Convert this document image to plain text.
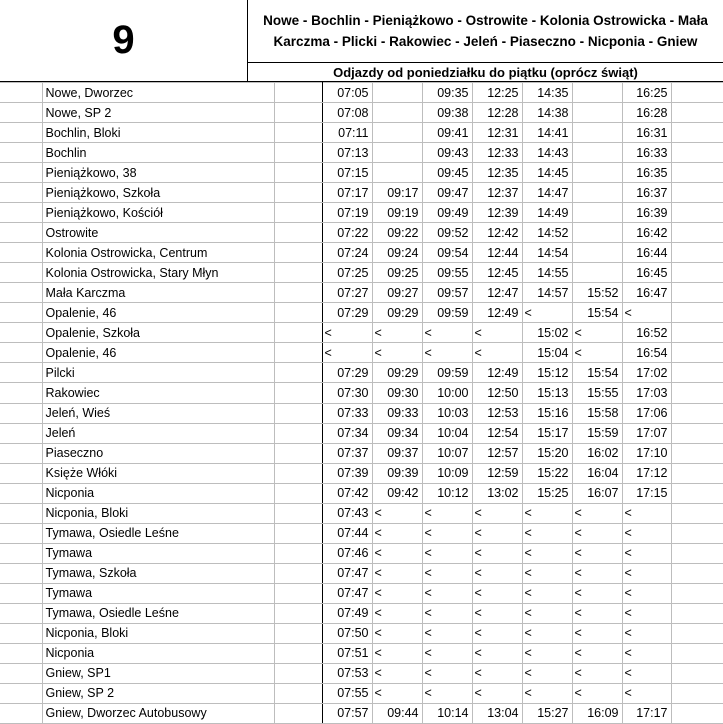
9	Nowe - Bochlin - Pieniążkowo - Ostrowite - Kolonia Ostrowicka - Mała
Karczma - Plicki - Rakowiec - Jeleń - Piaseczno - Nicponia - Gniew
Odjazdy od poniedziałku do piątku (oprócz świąt)
	Nowe, Dworzec		07:05		09:35	12:25	14:35		16:25	
	Nowe, SP 2		07:08		09:38	12:28	14:38		16:28	
	Bochlin, Bloki		07:11		09:41	12:31	14:41		16:31	
	Bochlin		07:13		09:43	12:33	14:43		16:33	
	Pieniążkowo, 38		07:15		09:45	12:35	14:45		16:35	
	Pieniążkowo, Szkoła		07:17	09:17	09:47	12:37	14:47		16:37	
	Pieniążkowo, Kościół		07:19	09:19	09:49	12:39	14:49		16:39	
	Ostrowite		07:22	09:22	09:52	12:42	14:52		16:42	
	Kolonia Ostrowicka, Centrum		07:24	09:24	09:54	12:44	14:54		16:44	
	Kolonia Ostrowicka, Stary Młyn		07:25	09:25	09:55	12:45	14:55		16:45	
	Mała Karczma		07:27	09:27	09:57	12:47	14:57	15:52	16:47	
	Opalenie, 46		07:29	09:29	09:59	12:49	<	15:54	<	
	Opalenie, Szkoła		<	<	<	<	15:02	<	16:52	
	Opalenie, 46		<	<	<	<	15:04	<	16:54	
	Pilcki		07:29	09:29	09:59	12:49	15:12	15:54	17:02	
	Rakowiec		07:30	09:30	10:00	12:50	15:13	15:55	17:03	
	Jeleń, Wieś		07:33	09:33	10:03	12:53	15:16	15:58	17:06	
	Jeleń		07:34	09:34	10:04	12:54	15:17	15:59	17:07	
	Piaseczno		07:37	09:37	10:07	12:57	15:20	16:02	17:10	
	Księże Włóki		07:39	09:39	10:09	12:59	15:22	16:04	17:12	
	Nicponia		07:42	09:42	10:12	13:02	15:25	16:07	17:15	
	Nicponia, Bloki		07:43	<	<	<	<	<	<	
	Tymawa, Osiedle Leśne		07:44	<	<	<	<	<	<	
	Tymawa		07:46	<	<	<	<	<	<	
	Tymawa, Szkoła		07:47	<	<	<	<	<	<	
	Tymawa		07:47	<	<	<	<	<	<	
	Tymawa, Osiedle Leśne		07:49	<	<	<	<	<	<	
	Nicponia, Bloki		07:50	<	<	<	<	<	<	
	Nicponia		07:51	<	<	<	<	<	<	
	Gniew, SP1		07:53	<	<	<	<	<	<	
	Gniew, SP 2		07:55	<	<	<	<	<	<	
	Gniew, Dworzec Autobusowy		07:57	09:44	10:14	13:04	15:27	16:09	17:17	
